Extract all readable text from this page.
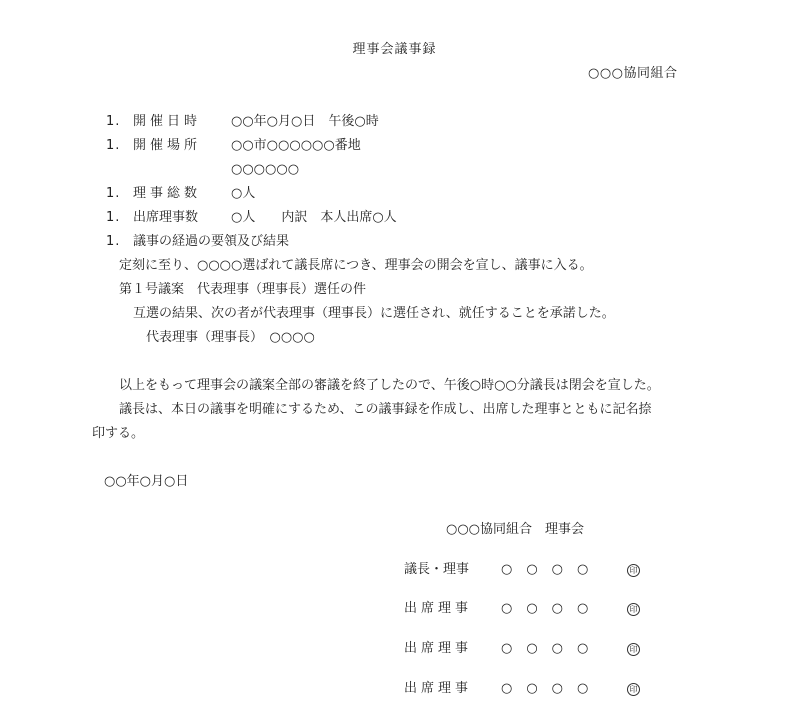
理事会議事録
○○○協同組合
1. 開催日時	○○年○月○日　午後○時
1. 開催場所	○○市○○○○○○番地
○○○○○○
1. 理事総数	○人
1. 出席理事数	○人　　内訳　本人出席○人
1. 議事の経過の要領及び結果
定刻に至り、○○○○選ばれて議長席につき、理事会の開会を宣し、議事に入る。
第１号議案　代表理事（理事長）選任の件
互選の結果、次の者が代表理事（理事長）に選任され、就任することを承諾した。
代表理事（理事長）　○○○○
以上をもって理事会の議案全部の審議を終了したので、午後○時○○分議長は閉会を宣した。
議長は、本日の議事を明確にするため、この議事録を作成し、出席した理事とともに記名捺
印する。
○○年○月○日
○○○協同組合　理事会
議長・理事	○○○○	印
出席理事	○○○○	印
出席理事	○○○○	印
出席理事	○○○○	印
